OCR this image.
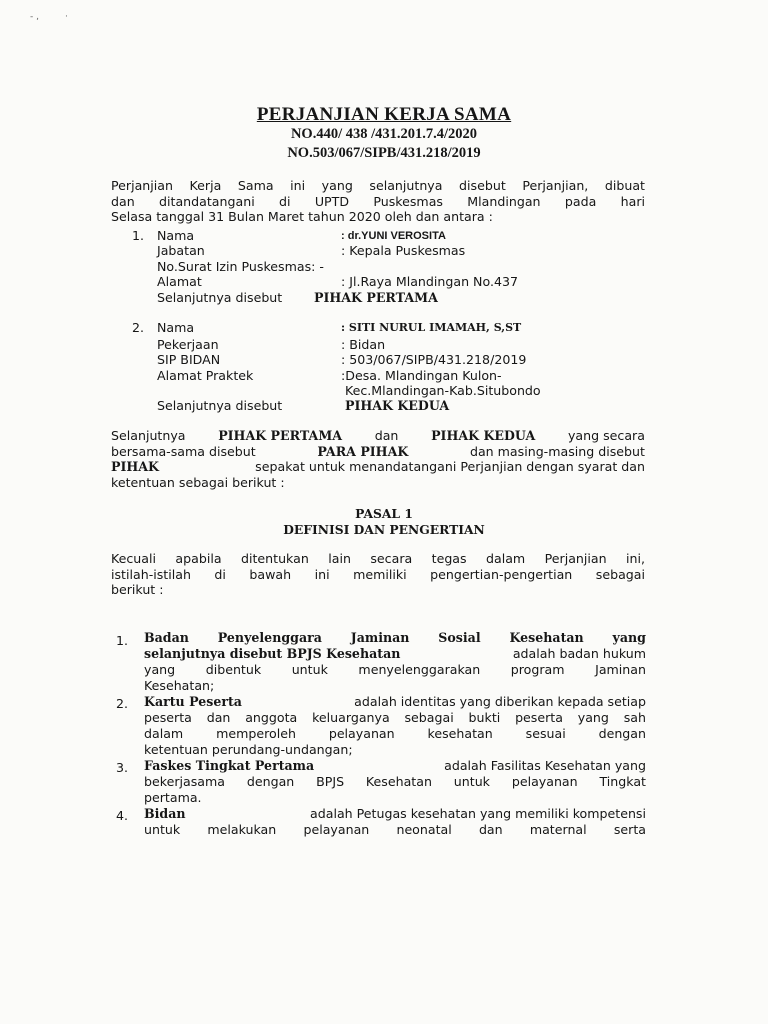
- ,	·
PERJANJIAN KERJA SAMA
NO.440/ 438 /431.201.7.4/2020
NO.503/067/SIPB/431.218/2019
Perjanjian Kerja Sama ini yang selanjutnya disebut Perjanjian, dibuat
dan ditandatangani di UPTD Puskesmas Mlandingan pada hari
Selasa tanggal 31 Bulan Maret tahun 2020 oleh dan antara :
1. Nama	: dr.YUNI VEROSITA
Jabatan	: Kepala Puskesmas
No.Surat Izin Puskesmas: -
Alamat	: Jl.Raya Mlandingan No.437
Selanjutnya disebut	PIHAK PERTAMA
2. Nama	: SITI NURUL IMAMAH, S,ST
Pekerjaan	: Bidan
SIP BIDAN	: 503/067/SIPB/431.218/2019
Alamat Praktek	:Desa. Mlandingan Kulon-
Kec.Mlandingan-Kab.Situbondo
Selanjutnya disebut	PIHAK KEDUA
Selanjutnya	PIHAK PERTAMA	dan	PIHAK KEDUA	yang secara
bersama-sama disebut	PARA PIHAK	dan masing-masing disebut
PIHAK	sepakat untuk menandatangani Perjanjian dengan syarat dan
ketentuan sebagai berikut :
PASAL 1
DEFINISI DAN PENGERTIAN
Kecuali apabila ditentukan lain secara tegas dalam Perjanjian ini,
istilah-istilah di bawah ini memiliki pengertian-pengertian sebagai
berikut :
1. Badan Penyelenggara Jaminan Sosial Kesehatan yang
selanjutnya disebut BPJS Kesehatan	adalah badan hukum
yang dibentuk untuk menyelenggarakan program Jaminan
Kesehatan;
2. Kartu Peserta	adalah identitas yang diberikan kepada setiap
peserta dan anggota keluarganya sebagai bukti peserta yang sah
dalam memperoleh pelayanan kesehatan sesuai dengan
ketentuan perundang-undangan;
3. Faskes Tingkat Pertama	adalah Fasilitas Kesehatan yang
bekerjasama dengan BPJS Kesehatan untuk pelayanan Tingkat
pertama.
4. Bidan	adalah Petugas kesehatan yang memiliki kompetensi
untuk melakukan pelayanan neonatal dan maternal serta
